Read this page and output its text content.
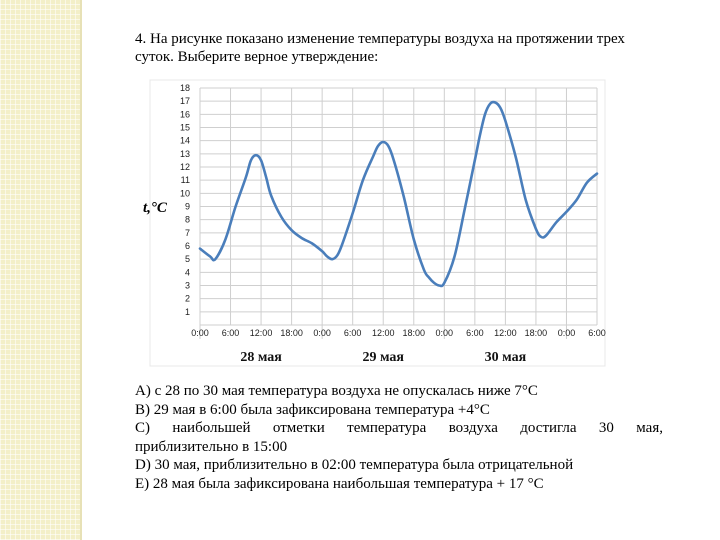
4. На рисунке показано изменение температуры воздуха на протяжении трех суток. Выберите верное утверждение:
1
2
3
4
5
6
7
8
9
10
11
12
13
14
15
16
17
18
0:00 6:00 12:00 18:00 0:00 6:00 12:00 18:00 0:00 6:00 12:00 18:00 0:00 6:00
28 мая	29 мая	30 мая
t,°C

А) с 28 по 30 мая температура воздуха не опускалась ниже 7°С

В) 29 мая в 6:00 была зафиксирована температура +4°С

С) наибольшей отметки температура воздуха достигла 30 мая,

приблизительно в 15:00

D) 30 мая, приблизительно в 02:00 температура была отрицательной

Е) 28 мая была зафиксирована наибольшая температура + 17 °С
